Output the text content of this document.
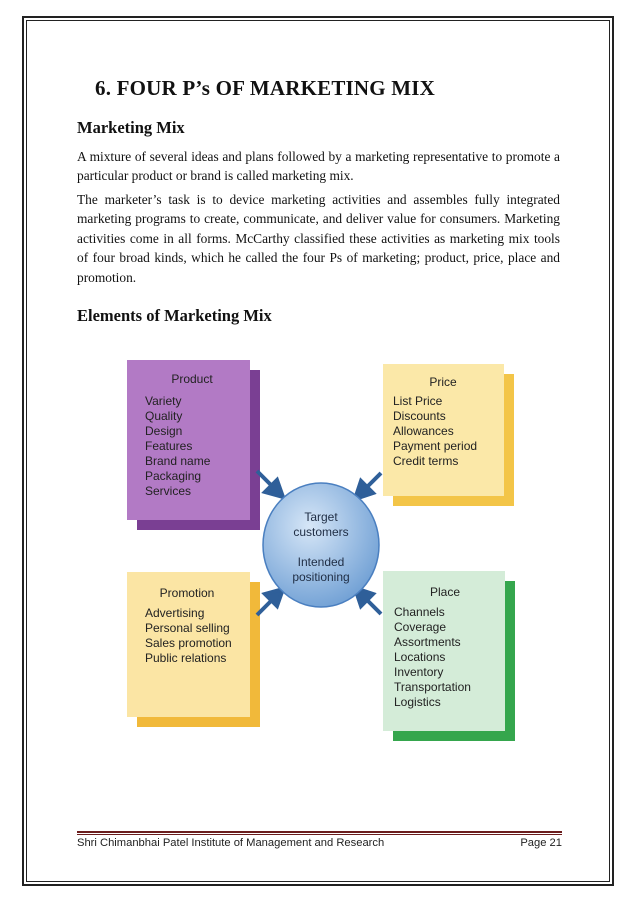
6. FOUR P’s OF MARKETING MIX
Marketing Mix
A mixture of several ideas and plans followed by a marketing representative to promote a particular product or brand is called marketing mix.
The marketer’s task is to device marketing activities and assembles fully integrated marketing programs to create, communicate, and deliver value for consumers. Marketing activities come in all forms. McCarthy classified these activities as marketing mix tools of four broad kinds, which he called the four Ps of marketing; product, price, place and promotion.
Elements of Marketing Mix
Product
Variety
Quality
Design
Features
Brand name
Packaging
Services
Price
List Price
Discounts
Allowances
Payment period
Credit terms
Promotion
Advertising
Personal selling
Sales promotion
Public relations
Place
Channels
Coverage
Assortments
Locations
Inventory
Transportation
Logistics
Target
customers
Intended
positioning
Shri Chimanbhai Patel Institute of Management and Research	Page 21
